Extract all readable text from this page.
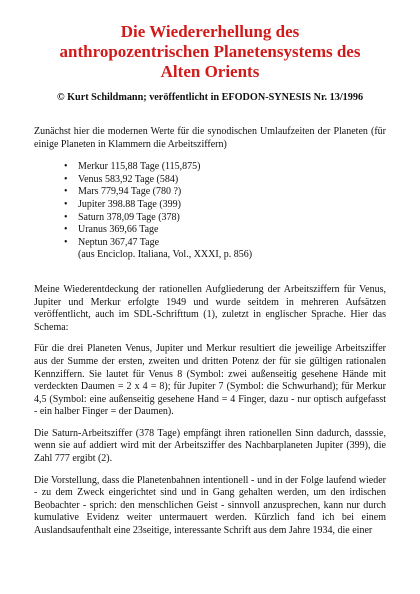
Die Wiedererhellung des
anthropozentrischen Planetensystems des
Alten Orients
© Kurt Schildmann; veröffentlicht in EFODON-SYNESIS Nr. 13/1996

Zunächst hier die modernen Werte für die synodischen Umlaufzeiten der Planeten (für einige Planeten in Klammern die Arbeitsziffern)

• Merkur 115,88 Tage (115,875)
• Venus 583,92 Tage (584)
• Mars 779,94 Tage (780 ?)
• Jupiter 398.88 Tage (399)
• Saturn 378,09 Tage (378)
• Uranus 369,66 Tage
• Neptun 367,47 Tage
(aus Enciclop. Italiana, Vol., XXXI, p. 856)

Meine Wiederentdeckung der rationellen Aufgliederung der Arbeitsziffern für Venus, Jupiter und Merkur erfolgte 1949 und wurde seitdem in mehreren Aufsätzen veröffentlicht, auch im SDL-Schrifttum (1), zuletzt in englischer Sprache. Hier das Schema:

Für die drei Planeten Venus, Jupiter und Merkur resultiert die jeweilige Arbeitsziffer aus der Summe der ersten, zweiten und dritten Potenz der für sie gültigen rationalen Kennziffern. Sie lautet für Venus 8 (Symbol: zwei außenseitig gesehene Hände mit verdeckten Daumen = 2 x 4 = 8); für Jupiter 7 (Symbol: die Schwurhand); für Merkur 4,5 (Symbol: eine außenseitig gesehene Hand = 4 Finger, dazu - nur optisch aufgefasst - ein halber Finger = der Daumen).

Die Saturn-Arbeitsziffer (378 Tage) empfängt ihren rationellen Sinn dadurch, dasssie, wenn sie auf addiert wird mit der Arbeitsziffer des Nachbarplaneten Jupiter (399), die Zahl 777 ergibt (2).

Die Vorstellung, dass die Planetenbahnen intentionell - und in der Folge laufend wieder - zu dem Zweck eingerichtet sind und in Gang gehalten werden, um den irdischen Beobachter - sprich: den menschlichen Geist - sinnvoll anzusprechen, kann nur durch kumulative Evidenz weiter untermauert werden. Kürzlich fand ich bei einem Auslandsaufenthalt eine 23seitige, interessante Schrift aus dem Jahre 1934, die einer
